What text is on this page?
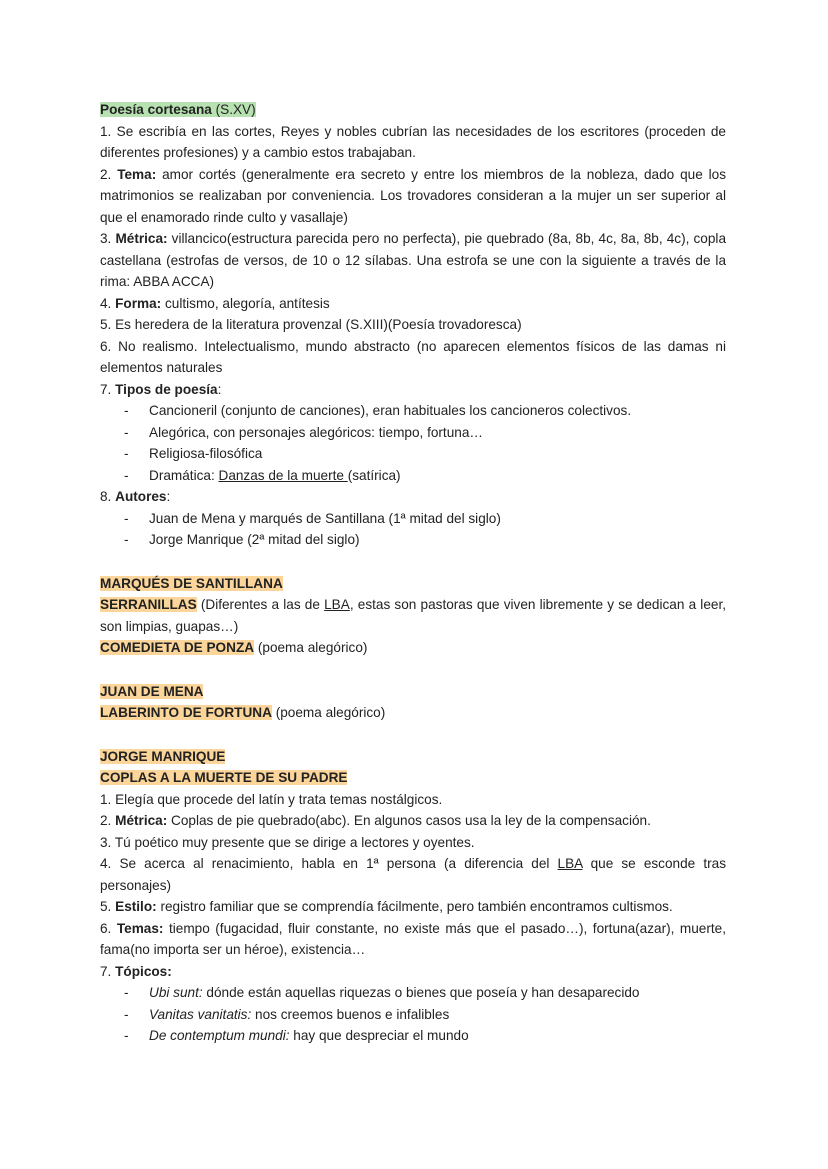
Poesía cortesana (S.XV)

1. Se escribía en las cortes, Reyes y nobles cubrían las necesidades de los escritores (proceden de diferentes profesiones) y a cambio estos trabajaban.

2. Tema: amor cortés (generalmente era secreto y entre los miembros de la nobleza, dado que los matrimonios se realizaban por conveniencia. Los trovadores consideran a la mujer un ser superior al que el enamorado rinde culto y vasallaje)

3. Métrica: villancico(estructura parecida pero no perfecta), pie quebrado (8a, 8b, 4c, 8a, 8b, 4c), copla castellana (estrofas de versos, de 10 o 12 sílabas. Una estrofa se une con la siguiente a través de la rima: ABBA ACCA)

4. Forma: cultismo, alegoría, antítesis

5. Es heredera de la literatura provenzal (S.XIII)(Poesía trovadoresca)

6. No realismo. Intelectualismo, mundo abstracto (no aparecen elementos físicos de las damas ni elementos naturales

7. Tipos de poesía:

- Cancioneril (conjunto de canciones), eran habituales los cancioneros colectivos.
- Alegórica, con personajes alegóricos: tiempo, fortuna…
- Religiosa-filosófica
- Dramática: Danzas de la muerte (satírica)

8. Autores:

- Juan de Mena y marqués de Santillana (1ª mitad del siglo)
- Jorge Manrique (2ª mitad del siglo)

MARQUÉS DE SANTILLANA

SERRANILLAS (Diferentes a las de LBA, estas son pastoras que viven libremente y se dedican a leer, son limpias, guapas…)

COMEDIETA DE PONZA (poema alegórico)

JUAN DE MENA

LABERINTO DE FORTUNA (poema alegórico)

JORGE MANRIQUE

COPLAS A LA MUERTE DE SU PADRE

1. Elegía que procede del latín y trata temas nostálgicos.

2. Métrica: Coplas de pie quebrado(abc). En algunos casos usa la ley de la compensación.

3. Tú poético muy presente que se dirige a lectores y oyentes.

4. Se acerca al renacimiento, habla en 1ª persona (a diferencia del LBA que se esconde tras personajes)

5. Estilo: registro familiar que se comprendía fácilmente, pero también encontramos cultismos.

6. Temas: tiempo (fugacidad, fluir constante, no existe más que el pasado…), fortuna(azar), muerte, fama(no importa ser un héroe), existencia…

7. Tópicos:

- Ubi sunt: dónde están aquellas riquezas o bienes que poseía y han desaparecido
- Vanitas vanitatis: nos creemos buenos e infalibles
- De contemptum mundi: hay que despreciar el mundo
